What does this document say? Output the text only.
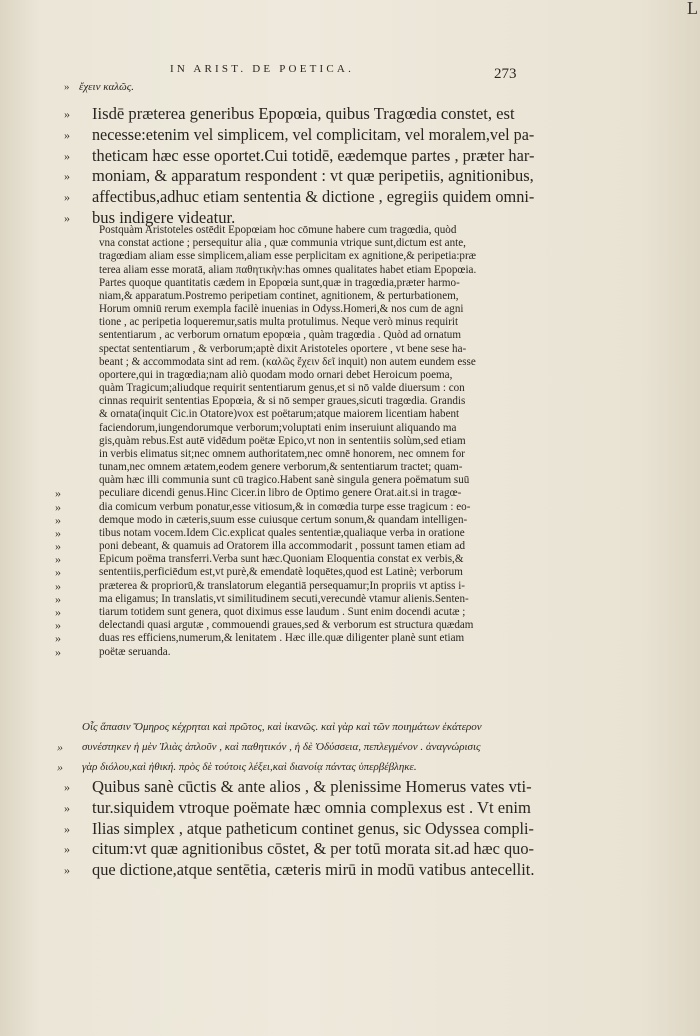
L
IN ARIST. DE POETICA.	273
» ἔχειν καλῶς.
» Iisdē præterea generibus Epopœia, quibus Tragœdia constet, est
» necesse:etenim vel simplicem, vel complicitam, vel moralem,vel pa-
» theticam hæc esse oportet.Cui totidē, eædemque partes , præter har-
» moniam, & apparatum respondent : vt quæ peripetiis, agnitionibus,
» affectibus,adhuc etiam sententia & dictione , egregiis quidem omni-
» bus indigere videatur.
Postquàm Aristoteles ostēdit Epopœiam hoc cōmune habere cum tragœdia, quòd
vna constat actione ; persequitur alia , quæ communia vtrique sunt,dictum est ante,
tragœdiam aliam esse simplicem,aliam esse perplicitam ex agnitione,& peripetia:præ
terea aliam esse moratā, aliam παθητικὴν:has omnes qualitates habet etiam Epopœia.
Partes quoque quantitatis cædem in Epopœia sunt,quæ in tragœdia,præter harmo-
niam,& apparatum.Postremo peripetiam continet, agnitionem, & perturbationem,
Horum omniū rerum exempla facilè inuenias in Odyss.Homeri,& nos cum de agni
tione , ac peripetia loqueremur,satis multa protulimus. Neque verò minus requirit
sententiarum , ac verborum ornatum epopœia , quàm tragœdia . Quòd ad ornatum
spectat sententiarum , & verborum;aptè dixit Aristoteles oportere , vt bene sese ha-
beant ; & accommodata sint ad rem. (καλῶς ἔχειν δεῖ inquit) non autem eundem esse
oportere,qui in tragœdia;nam aliò quodam modo ornari debet Heroicum poema,
quàm Tragicum;aliudque requirit sententiarum genus,et si nō valde diuersum : con
cinnas requirit sententias Epopœia, & si nō semper graues,sicuti tragœdia. Grandis
& ornata(inquit Cic.in Otatore)vox est poëtarum;atque maiorem licentiam habent
faciendorum,iungendorumque verborum;voluptati enim inseruiunt aliquando ma
gis,quàm rebus.Est autē vidēdum poëtæ Epico,vt non in sententiis solùm,sed etiam
in verbis elimatus sit;nec omnem authoritatem,nec omnē honorem, nec omnem for
tunam,nec omnem ætatem,eodem genere verborum,& sententiarum tractet; quam-
quàm hæc illi communia sunt cū tragico.Habent sanè singula genera poëmatum suū
»	peculiare dicendi genus.Hinc Cicer.in libro de Optimo genere Orat.ait.si in tragœ-
»	dia comicum verbum ponatur,esse vitiosum,& in comœdia turpe esse tragicum : eo-
»	demque modo in cæteris,suum esse cuiusque certum sonum,& quandam intelligen-
»	tibus notam vocem.Idem Cic.explicat quales sententiæ,qualiaque verba in oratione
»	poni debeant, & quamuis ad Oratorem illa accommodarit , possunt tamen etiam ad
»	Epicum poëma transferri.Verba sunt hæc.Quoniam Eloquentia constat ex verbis,&
»	sententiis,perficiēdum est,vt purè,& emendatè loquētes,quod est Latinè; verborum
»	præterea & propriorū,& translatorum elegantiā persequamur;In propriis vt aptiss i-
»	ma eligamus; In translatis,vt similitudinem secuti,verecundè vtamur alienis.Senten-
»	tiarum totidem sunt genera, quot diximus esse laudum . Sunt enim docendi acutæ ;
»	delectandi quasi argutæ , commouendi graues,sed & verborum est structura quædam
»	duas res efficiens,numerum,& lenitatem . Hæc ille.quæ diligenter planè sunt etiam
»	poëtæ seruanda.
Οἷς ἅπασιν Ὅμηρος κέχρηται καὶ πρῶτος, καὶ ἱκανῶς. καὶ γὰρ καὶ τῶν ποιημάτων ἑκάτερον
» συνέστηκεν ἡ μὲν Ἰλιὰς ἁπλοῦν , καὶ παθητικόν , ἡ δὲ Ὀδύσσεια, πεπλεγμένον . ἀναγνώρισις
» γὰρ διόλου,καὶ ἠθική. πρὸς δὲ τούτοις λέξει,καὶ διανοίᾳ πάντας ὑπερβέβληκε.
» Quibus sanè cūctis & ante alios , & plenissime Homerus vates vti-
» tur.siquidem vtroque poëmate hæc omnia complexus est . Vt enim
» Ilias simplex , atque patheticum continet genus, sic Odyssea compli-
» citum:vt quæ agnitionibus cōstet, & per totū morata sit.ad hæc quo-
» que dictione,atque sentētia, cæteris mirū in modū vatibus antecellit.
